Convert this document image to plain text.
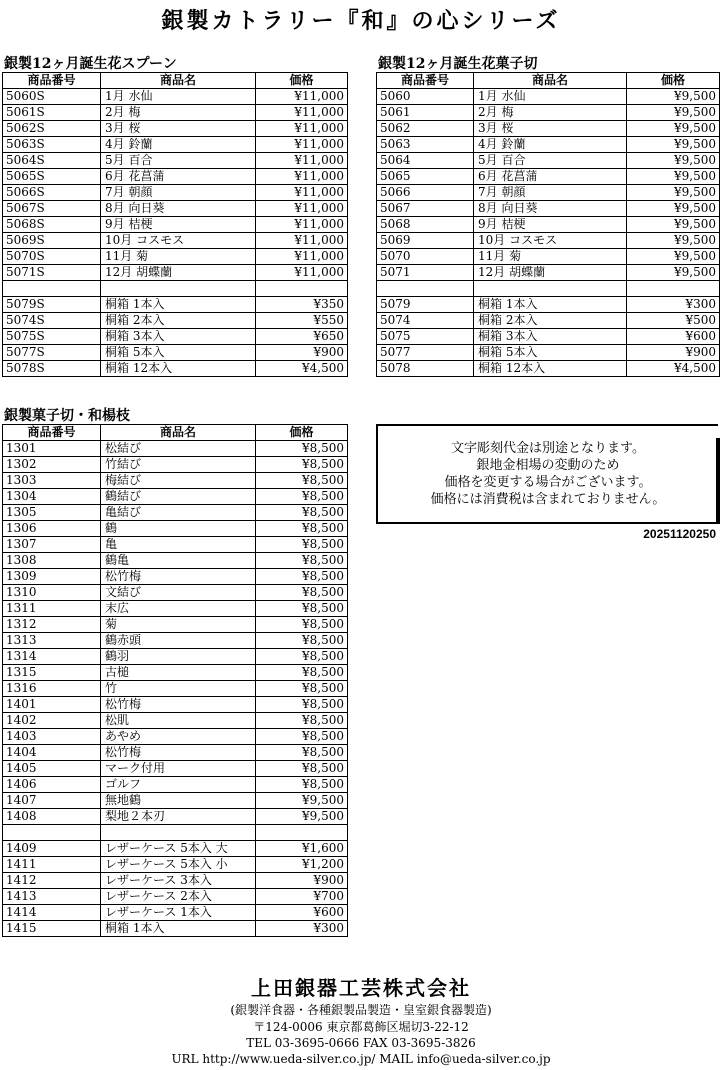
銀製カトラリー『和』の心シリーズ
銀製12ヶ月誕生花スプーン
商品番号	商品名	価格
5060S	1月 水仙	¥11,000
5061S	2月 梅	¥11,000
5062S	3月 桜	¥11,000
5063S	4月 鈴蘭	¥11,000
5064S	5月 百合	¥11,000
5065S	6月 花菖蒲	¥11,000
5066S	7月 朝顔	¥11,000
5067S	8月 向日葵	¥11,000
5068S	9月 桔梗	¥11,000
5069S	10月 コスモス	¥11,000
5070S	11月 菊	¥11,000
5071S	12月 胡蝶蘭	¥11,000

5079S	桐箱 1本入	¥350
5074S	桐箱 2本入	¥550
5075S	桐箱 3本入	¥650
5077S	桐箱 5本入	¥900
5078S	桐箱 12本入	¥4,500
銀製12ヶ月誕生花菓子切
商品番号	商品名	価格
5060	1月 水仙	¥9,500
5061	2月 梅	¥9,500
5062	3月 桜	¥9,500
5063	4月 鈴蘭	¥9,500
5064	5月 百合	¥9,500
5065	6月 花菖蒲	¥9,500
5066	7月 朝顔	¥9,500
5067	8月 向日葵	¥9,500
5068	9月 桔梗	¥9,500
5069	10月 コスモス	¥9,500
5070	11月 菊	¥9,500
5071	12月 胡蝶蘭	¥9,500

5079	桐箱 1本入	¥300
5074	桐箱 2本入	¥500
5075	桐箱 3本入	¥600
5077	桐箱 5本入	¥900
5078	桐箱 12本入	¥4,500
銀製菓子切・和楊枝
商品番号	商品名	価格
1301	松結び	¥8,500
1302	竹結び	¥8,500
1303	梅結び	¥8,500
1304	鶴結び	¥8,500
1305	亀結び	¥8,500
1306	鶴	¥8,500
1307	亀	¥8,500
1308	鶴亀	¥8,500
1309	松竹梅	¥8,500
1310	文結び	¥8,500
1311	末広	¥8,500
1312	菊	¥8,500
1313	鶴赤頭	¥8,500
1314	鶴羽	¥8,500
1315	古槌	¥8,500
1316	竹	¥8,500
1401	松竹梅	¥8,500
1402	松肌	¥8,500
1403	あやめ	¥8,500
1404	松竹梅	¥8,500
1405	マーク付用	¥8,500
1406	ゴルフ	¥8,500
1407	無地鶴	¥9,500
1408	梨地２本刃	¥9,500

1409	レザーケース 5本入 大	¥1,600
1411	レザーケース 5本入 小	¥1,200
1412	レザーケース 3本入	¥900
1413	レザーケース 2本入	¥700
1414	レザーケース 1本入	¥600
1415	桐箱 1本入	¥300
文字彫刻代金は別途となります。
銀地金相場の変動のため
価格を変更する場合がございます。
価格には消費税は含まれておりません。
20251120250
上田銀器工芸株式会社
(銀製洋食器・各種銀製品製造・皇室銀食器製造)
〒124-0006 東京都葛飾区堀切3-22-12
TEL 03-3695-0666 FAX 03-3695-3826
URL http://www.ueda-silver.co.jp/ MAIL info@ueda-silver.co.jp
